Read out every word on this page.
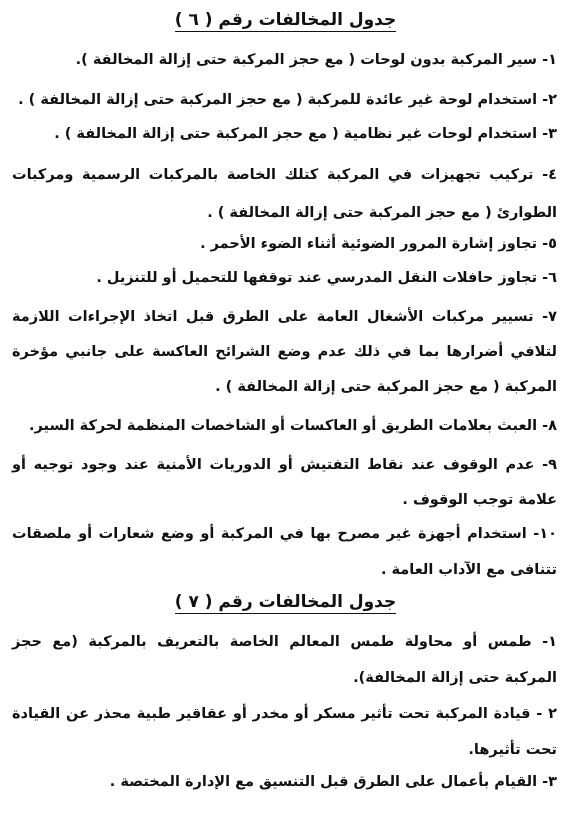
جدول المخالفات رقم ( ٦ )
١- سير المركبة بدون لوحات ( مع حجز المركبة حتى إزالة المخالفة ).
٢- استخدام لوحة غير عائدة للمركبة ( مع حجز المركبة حتى إزالة المخالفة ) .
٣- استخدام لوحات غير نظامية ( مع حجز المركبة حتى إزالة المخالفة ) .
٤- تركيب تجهيزات في المركبة كتلك الخاصة بالمركبات الرسمية ومركبات الطوارئ ( مع حجز المركبة حتى إزالة المخالفة ) .
٥- تجاوز إشارة المرور الضوئية أثناء الضوء الأحمر .
٦- تجاوز حافلات النقل المدرسي عند توقفها للتحميل أو للتنزيل .
٧- تسيير مركبات الأشغال العامة على الطرق قبل اتخاذ الإجراءات اللازمة لتلافي أضرارها بما في ذلك عدم وضع الشرائح العاكسة على جانبي مؤخرة المركبة ( مع حجز المركبة حتى إزالة المخالفة ) .
٨- العبث بعلامات الطريق أو العاكسات أو الشاخصات المنظمة لحركة السير.
٩- عدم الوقوف عند نقاط التفتيش أو الدوريات الأمنية عند وجود توجيه أو علامة توجب الوقوف .
١٠- استخدام أجهزة غير مصرح بها في المركبة أو وضع شعارات أو ملصقات تتنافى مع الآداب العامة .
جدول المخالفات رقم ( ٧ )
١- طمس أو محاولة طمس المعالم الخاصة بالتعريف بالمركبة (مع حجز المركبة حتى إزالة المخالفة).
٢ - قيادة المركبة تحت تأثير مسكر أو مخدر أو عقاقير طبية محذر عن القيادة تحت تأثيرها.
٣- القيام بأعمال على الطرق قبل التنسيق مع الإدارة المختصة .
